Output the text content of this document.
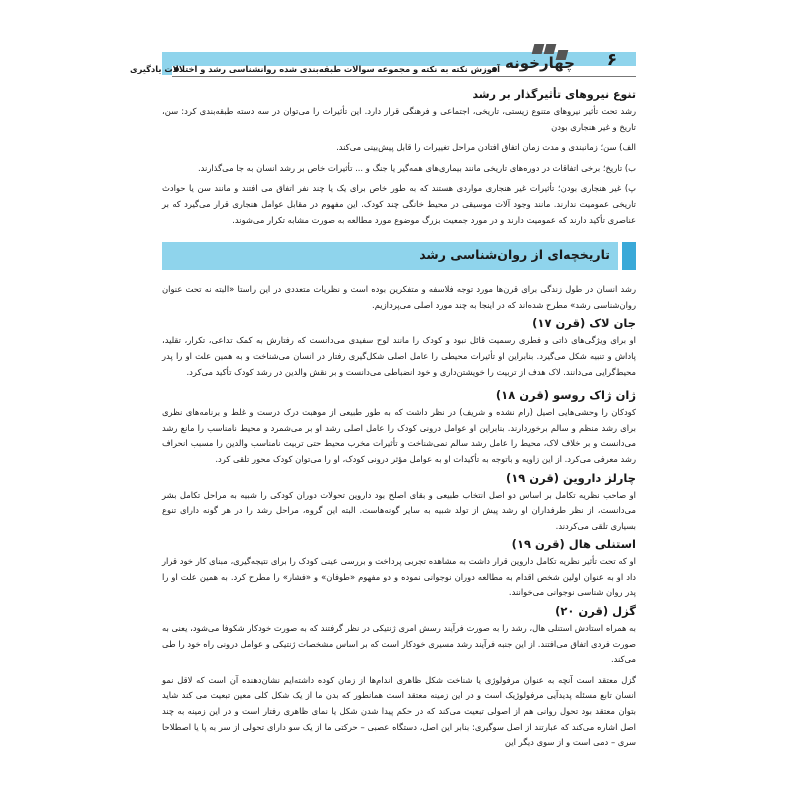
چهارخونه	۶
آموزش نکته به نکته و مجموعه سوالات طبقه‌بندی شده روانشناسی رشد و اختلالات یادگیری
تنوع نیروهای تأثیرگذار بر رشد

رشد تحت تأثیر نیروهای متنوع زیستی، تاریخی، اجتماعی و فرهنگی قرار دارد. این تأثیرات را می‌توان در سه دسته طبقه‌بندی کرد: سن، تاریخ و غیر هنجاری بودن

الف) سن؛ زمانبندی و مدت زمان اتفاق افتادن مراحل تغییرات را قابل پیش‌بینی می‌کند.

ب) تاریخ؛ برخی اتفاقات در دوره‌های تاریخی مانند بیماری‌های همه‌گیر یا جنگ و ... تأثیرات خاص بر رشد انسان به جا می‌گذارند.

پ) غیر هنجاری بودن؛ تأثیرات غیر هنجاری مواردی هستند که به طور خاص برای یک یا چند نفر اتفاق می افتند و مانند سن یا حوادث تاریخی عمومیت ندارند. مانند وجود آلات موسیقی در محیط خانگی چند کودک. این مفهوم در مقابل عوامل هنجاری قرار می‌گیرد که بر عناصری تأکید دارند که عمومیت دارند و در مورد جمعیت بزرگ موضوع مورد مطالعه به صورت مشابه تکرار می‌شوند.

تاریخچه‌ای از روان‌شناسی رشد

رشد انسان در طول زندگی برای قرن‌ها مورد توجه فلاسفه و متفکرین بوده است و نظریات متعددی در این راستا «البته نه تحت عنوان روان‌شناسی رشد» مطرح شده‌اند که در اینجا به چند مورد اصلی می‌پردازیم.

جان لاک (قرن ۱۷)

او برای ویژگی‌های ذاتی و فطری رسمیت قائل نبود و کودک را مانند لوح سفیدی می‌دانست که رفتارش به کمک تداعی، تکرار، تقلید، پاداش و تنبیه شکل می‌گیرد. بنابراین او تأثیرات محیطی را عامل اصلی شکل‌گیری رفتار در انسان می‌شناخت و به همین علت او را پدر محیط‌گرایی می‌دانند. لاک هدف از تربیت را خویشتن‌داری و خود انضباطی می‌دانست و بر نقش والدین در رشد کودک تأکید می‌کرد.

ژان ژاک روسو (قرن ۱۸)

کودکان را وحشی‌هایی اصیل (رام نشده و شریف) در نظر داشت که به طور طبیعی از موهبت درک درست و غلط و برنامه‌های نظری برای رشد منظم و سالم برخوردارند. بنابراین او عوامل درونی کودک را عامل اصلی رشد او بر می‌شمرد و محیط نامناسب را مانع رشد می‌دانست و بر خلاف لاک، محیط را عامل رشد سالم نمی‌شناخت و تأثیرات مخرب محیط حتی تربیت نامناسب والدین را مسبب انحراف رشد معرفی می‌کرد. از این زاویه و باتوجه به تأکیدات او به عوامل مؤثر درونی کودک، او را می‌توان کودک محور تلقی کرد.

چارلز داروین (قرن ۱۹)

او صاحب نظریه تکامل بر اساس دو اصل انتخاب طبیعی و بقای اصلح بود داروین تحولات دوران کودکی را شبیه به مراحل تکامل بشر می‌دانست، از نظر طرفداران او رشد پیش از تولد شبیه به سایر گونه‌هاست. البته این گروه، مراحل رشد را در هر گونه دارای تنوع بسیاری تلقی می‌کردند.

استنلی هال (قرن ۱۹)

او که تحت تأثیر نظریه تکامل داروین قرار داشت به مشاهده تجربی پرداخت و بررسی عینی کودک را برای نتیجه‌گیری، مبنای کار خود قرار داد او به عنوان اولین شخص اقدام به مطالعه دوران نوجوانی نموده و دو مفهوم «طوفان» و «فشار» را مطرح کرد. به همین علت او را پدر روان شناسی نوجوانی می‌خوانند.

گزل (قرن ۲۰)

به همراه استادش استنلی هال، رشد را به صورت فرآیند رسش امری ژنتیکی در نظر گرفتند که به صورت خودکار شکوفا می‌شود، یعنی به صورت فردی اتفاق می‌افتند. از این جنبه فرآیند رشد مسیری خودکار است که بر اساس مشخصات ژنتیکی و عوامل درونی راه خود را طی می‌کند.

گزل معتقد است آنچه به عنوان مرفولوژی یا شناخت شکل ظاهری اندام‌ها از زمان کوده داشته‌ایم نشان‌دهنده آن است که لاقل نمو انسان تابع مسئله پدیدآیی مرفولوژیک است و در این زمینه معتقد است همانطور که بدن ما از یک شکل کلی معین تبعیت می کند شاید بتوان معتقد بود تحول روانی هم از اصولی تبعیت می‌کند که در حکم پیدا شدن شکل یا نمای ظاهری رفتار است و در این زمینه به چند اصل اشاره می‌کند که عبارتند از اصل سوگیری: بنابر این اصل، دستگاه عصبی – حرکتی ما از یک سو دارای تحولی از سر به پا یا اصطلاحا سری – دمی است و از سوی دیگر این
